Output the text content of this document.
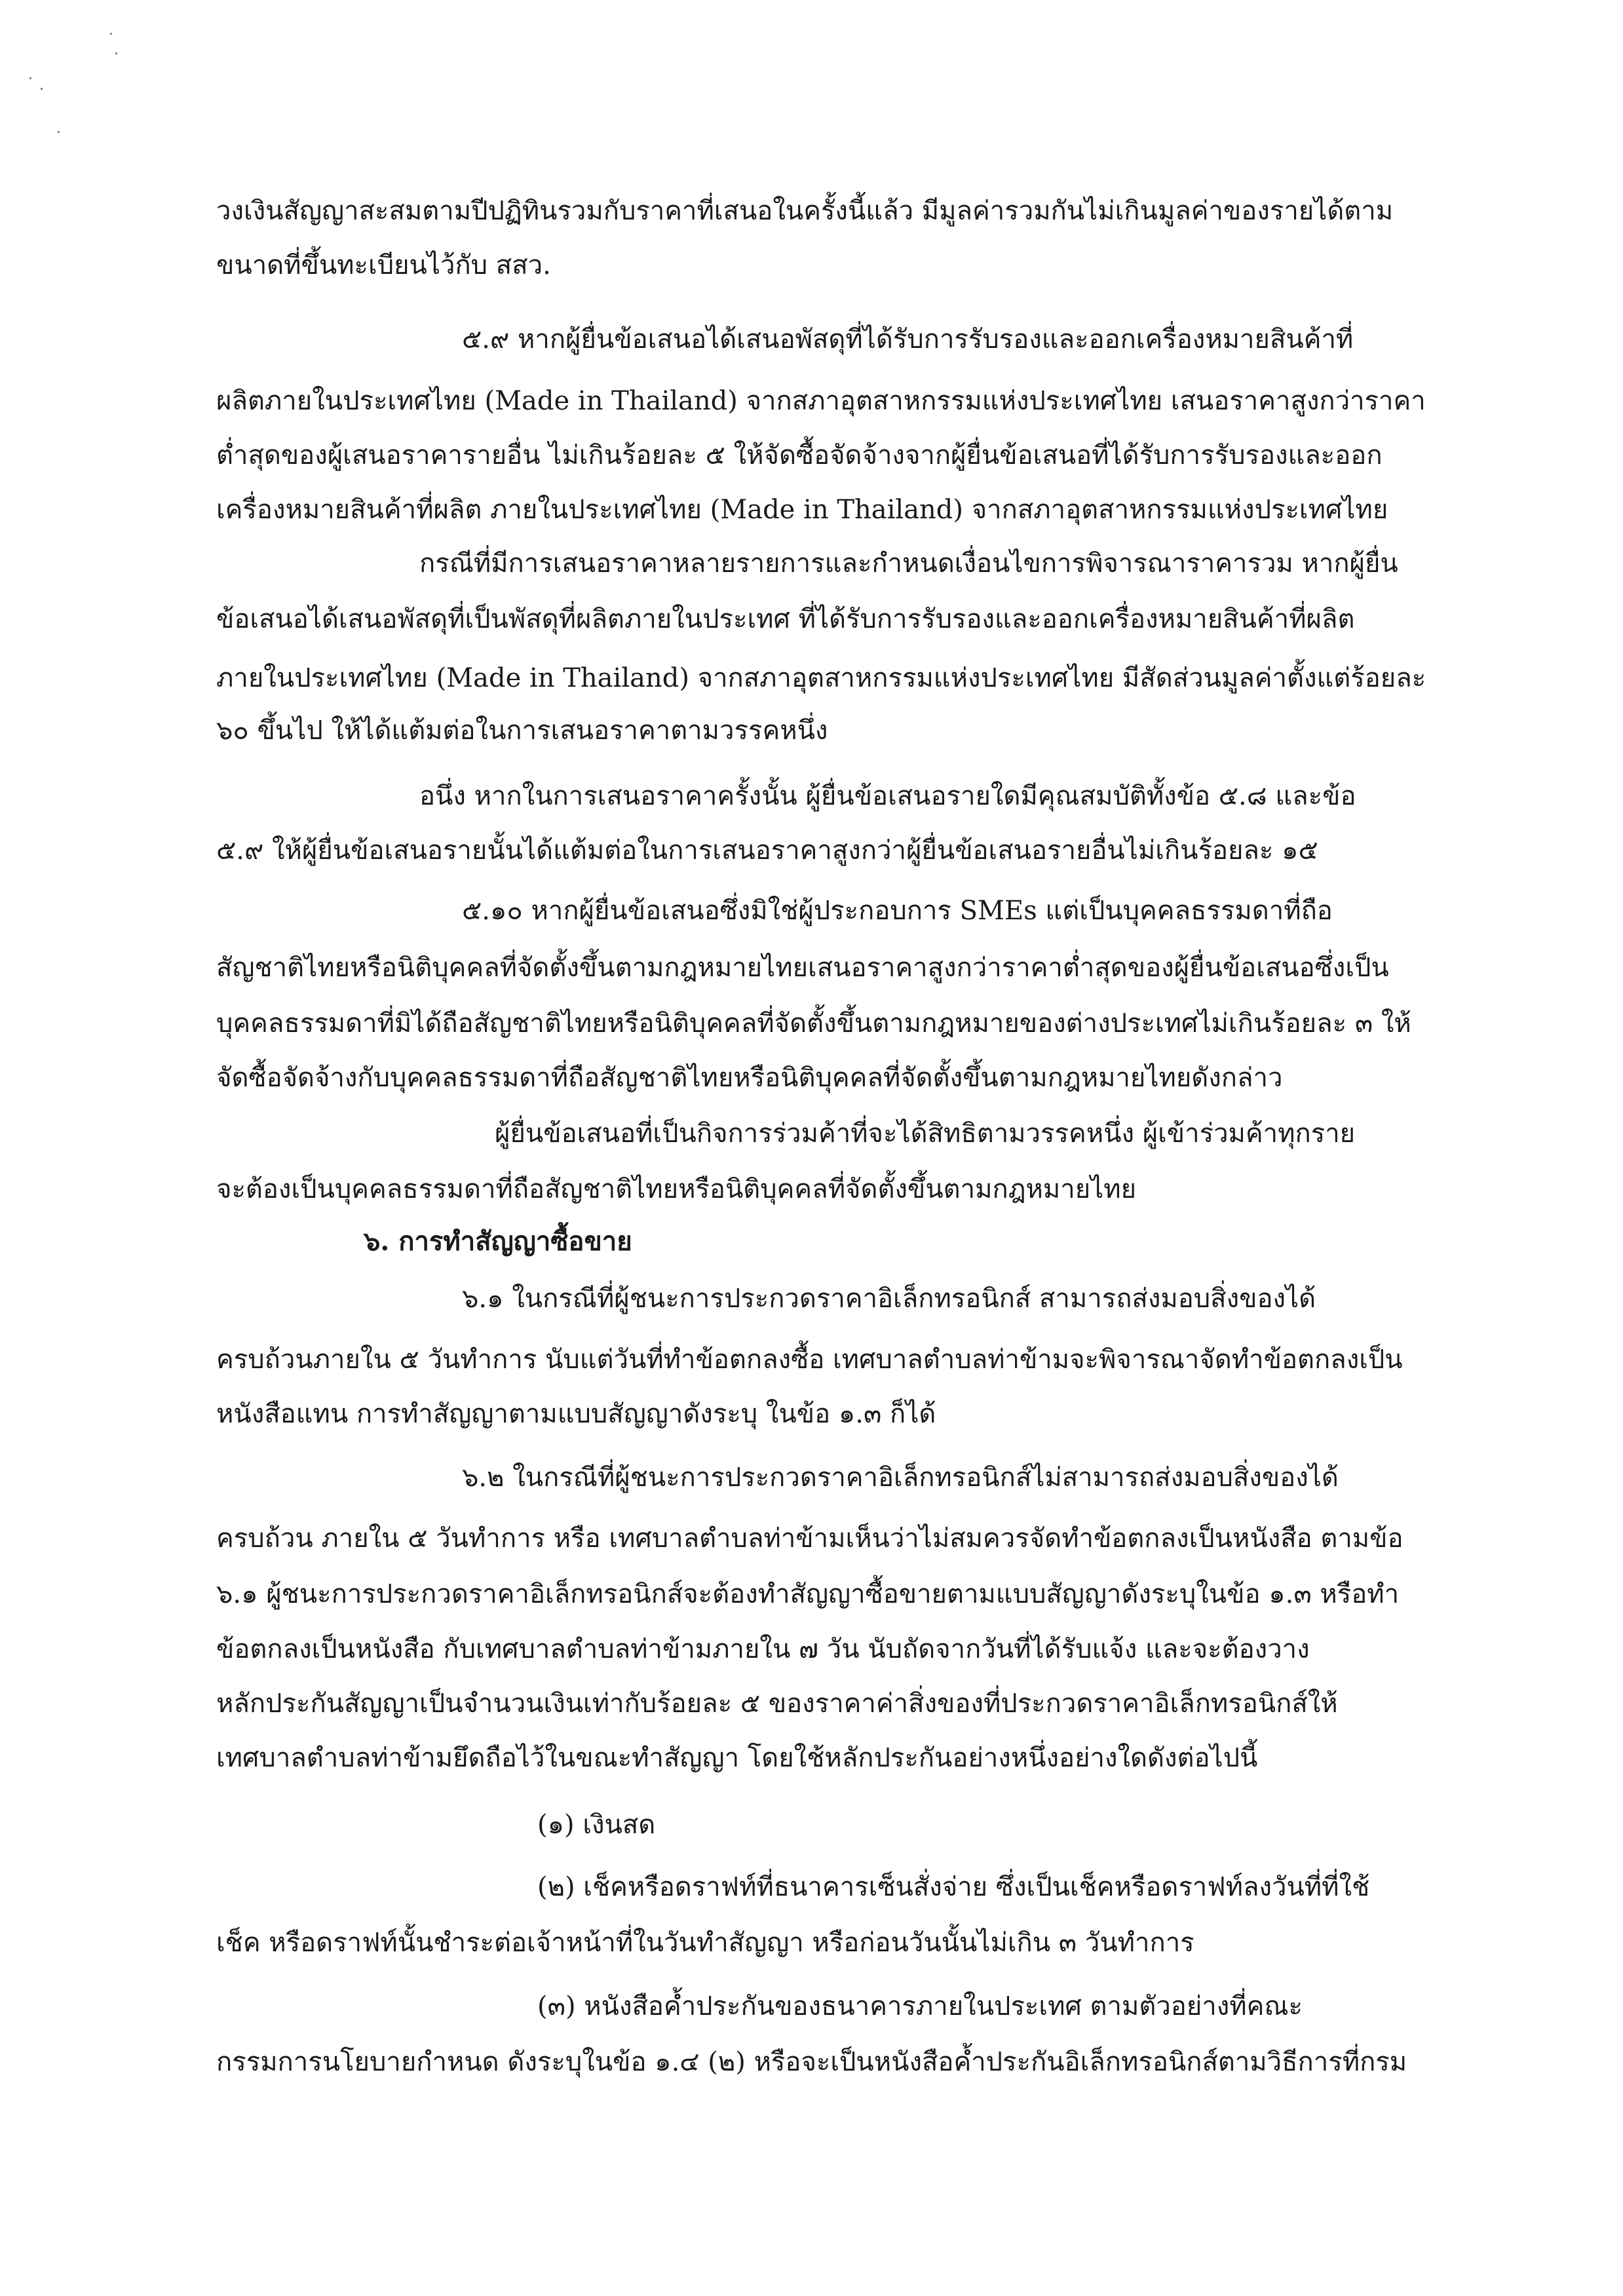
วงเงินสัญญาสะสมตามปีปฏิทินรวมกับราคาที่เสนอในครั้งนี้แล้ว มีมูลค่ารวมกันไม่เกินมูลค่าของรายได้ตาม
ขนาดที่ขึ้นทะเบียนไว้กับ สสว.
๕.๙ หากผู้ยื่นข้อเสนอได้เสนอพัสดุที่ได้รับการรับรองและออกเครื่องหมายสินค้าที่
ผลิตภายในประเทศไทย (Made in Thailand) จากสภาอุตสาหกรรมแห่งประเทศไทย เสนอราคาสูงกว่าราคา
ต่ำสุดของผู้เสนอราคารายอื่น ไม่เกินร้อยละ ๕ ให้จัดซื้อจัดจ้างจากผู้ยื่นข้อเสนอที่ได้รับการรับรองและออก
เครื่องหมายสินค้าที่ผลิต ภายในประเทศไทย (Made in Thailand) จากสภาอุตสาหกรรมแห่งประเทศไทย
กรณีที่มีการเสนอราคาหลายรายการและกำหนดเงื่อนไขการพิจารณาราคารวม หากผู้ยื่น
ข้อเสนอได้เสนอพัสดุที่เป็นพัสดุที่ผลิตภายในประเทศ ที่ได้รับการรับรองและออกเครื่องหมายสินค้าที่ผลิต
ภายในประเทศไทย (Made in Thailand) จากสภาอุตสาหกรรมแห่งประเทศไทย มีสัดส่วนมูลค่าตั้งแต่ร้อยละ
๖๐ ขึ้นไป ให้ได้แต้มต่อในการเสนอราคาตามวรรคหนึ่ง
อนึ่ง หากในการเสนอราคาครั้งนั้น ผู้ยื่นข้อเสนอรายใดมีคุณสมบัติทั้งข้อ ๕.๘ และข้อ
๕.๙ ให้ผู้ยื่นข้อเสนอรายนั้นได้แต้มต่อในการเสนอราคาสูงกว่าผู้ยื่นข้อเสนอรายอื่นไม่เกินร้อยละ ๑๕
๕.๑๐ หากผู้ยื่นข้อเสนอซึ่งมิใช่ผู้ประกอบการ SMEs แต่เป็นบุคคลธรรมดาที่ถือ
สัญชาติไทยหรือนิติบุคคลที่จัดตั้งขึ้นตามกฎหมายไทยเสนอราคาสูงกว่าราคาต่ำสุดของผู้ยื่นข้อเสนอซึ่งเป็น
บุคคลธรรมดาที่มิได้ถือสัญชาติไทยหรือนิติบุคคลที่จัดตั้งขึ้นตามกฎหมายของต่างประเทศไม่เกินร้อยละ ๓ ให้
จัดซื้อจัดจ้างกับบุคคลธรรมดาที่ถือสัญชาติไทยหรือนิติบุคคลที่จัดตั้งขึ้นตามกฎหมายไทยดังกล่าว
ผู้ยื่นข้อเสนอที่เป็นกิจการร่วมค้าที่จะได้สิทธิตามวรรคหนึ่ง ผู้เข้าร่วมค้าทุกราย
จะต้องเป็นบุคคลธรรมดาที่ถือสัญชาติไทยหรือนิติบุคคลที่จัดตั้งขึ้นตามกฎหมายไทย
๖. การทำสัญญาซื้อขาย
๖.๑ ในกรณีที่ผู้ชนะการประกวดราคาอิเล็กทรอนิกส์ สามารถส่งมอบสิ่งของได้
ครบถ้วนภายใน ๕ วันทำการ นับแต่วันที่ทำข้อตกลงซื้อ เทศบาลตำบลท่าข้ามจะพิจารณาจัดทำข้อตกลงเป็น
หนังสือแทน การทำสัญญาตามแบบสัญญาดังระบุ ในข้อ ๑.๓ ก็ได้
๖.๒ ในกรณีที่ผู้ชนะการประกวดราคาอิเล็กทรอนิกส์ไม่สามารถส่งมอบสิ่งของได้
ครบถ้วน ภายใน ๕ วันทำการ หรือ เทศบาลตำบลท่าข้ามเห็นว่าไม่สมควรจัดทำข้อตกลงเป็นหนังสือ ตามข้อ
๖.๑ ผู้ชนะการประกวดราคาอิเล็กทรอนิกส์จะต้องทำสัญญาซื้อขายตามแบบสัญญาดังระบุในข้อ ๑.๓ หรือทำ
ข้อตกลงเป็นหนังสือ กับเทศบาลตำบลท่าข้ามภายใน ๗ วัน นับถัดจากวันที่ได้รับแจ้ง และจะต้องวาง
หลักประกันสัญญาเป็นจำนวนเงินเท่ากับร้อยละ ๕ ของราคาค่าสิ่งของที่ประกวดราคาอิเล็กทรอนิกส์ให้
เทศบาลตำบลท่าข้ามยึดถือไว้ในขณะทำสัญญา โดยใช้หลักประกันอย่างหนึ่งอย่างใดดังต่อไปนี้
(๑) เงินสด
(๒) เช็คหรือดราฟท์ที่ธนาคารเซ็นสั่งจ่าย ซึ่งเป็นเช็คหรือดราฟท์ลงวันที่ที่ใช้
เช็ค หรือดราฟท์นั้นชำระต่อเจ้าหน้าที่ในวันทำสัญญา หรือก่อนวันนั้นไม่เกิน ๓ วันทำการ
(๓) หนังสือค้ำประกันของธนาคารภายในประเทศ ตามตัวอย่างที่คณะ
กรรมการนโยบายกำหนด ดังระบุในข้อ ๑.๔ (๒) หรือจะเป็นหนังสือค้ำประกันอิเล็กทรอนิกส์ตามวิธีการที่กรม
